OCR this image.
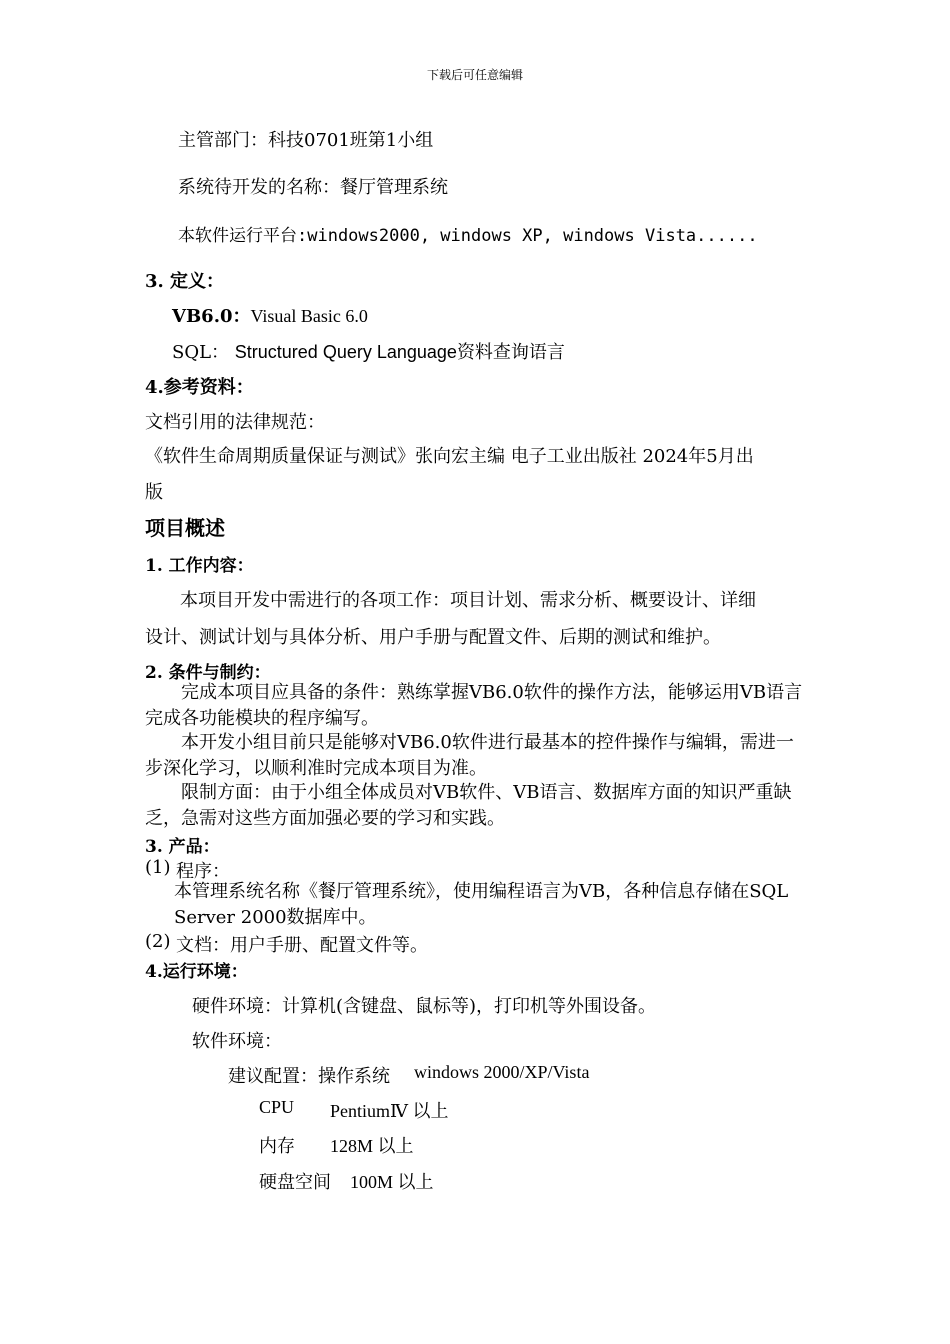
下载后可任意编辑
主管部门：科技0701班第1小组
系统待开发的名称：餐厅管理系统
本软件运行平台:windows2000, windows XP, windows Vista......
3. 定义：
VB6.0：Visual Basic 6.0
SQL： Structured Query Language资料查询语言
4.参考资料：
文档引用的法律规范：
《软件生命周期质量保证与测试》张向宏主编 电子工业出版社 2024年5月出
版
项目概述
1. 工作内容：
本项目开发中需进行的各项工作：项目计划、需求分析、概要设计、详细
设计、测试计划与具体分析、用户手册与配置文件、后期的测试和维护。
2. 条件与制约：
完成本项目应具备的条件：熟练掌握VB6.0软件的操作方法，能够运用VB语言完成各功能模块的程序编写。
本开发小组目前只是能够对VB6.0软件进行最基本的控件操作与编辑，需进一步深化学习，以顺利准时完成本项目为准。
限制方面：由于小组全体成员对VB软件、VB语言、数据库方面的知识严重缺乏，急需对这些方面加强必要的学习和实践。
3. 产品：
(1) 程序：
本管理系统名称《餐厅管理系统》，使用编程语言为VB，各种信息存储在SQL Server 2000数据库中。
(2) 文档：用户手册、配置文件等。
4.运行环境：
硬件环境：计算机(含键盘、鼠标等)，打印机等外围设备。
软件环境：
建议配置：操作系统 windows 2000/XP/Vista
CPU PentiumⅣ 以上
内存 128M 以上
硬盘空间 100M 以上
